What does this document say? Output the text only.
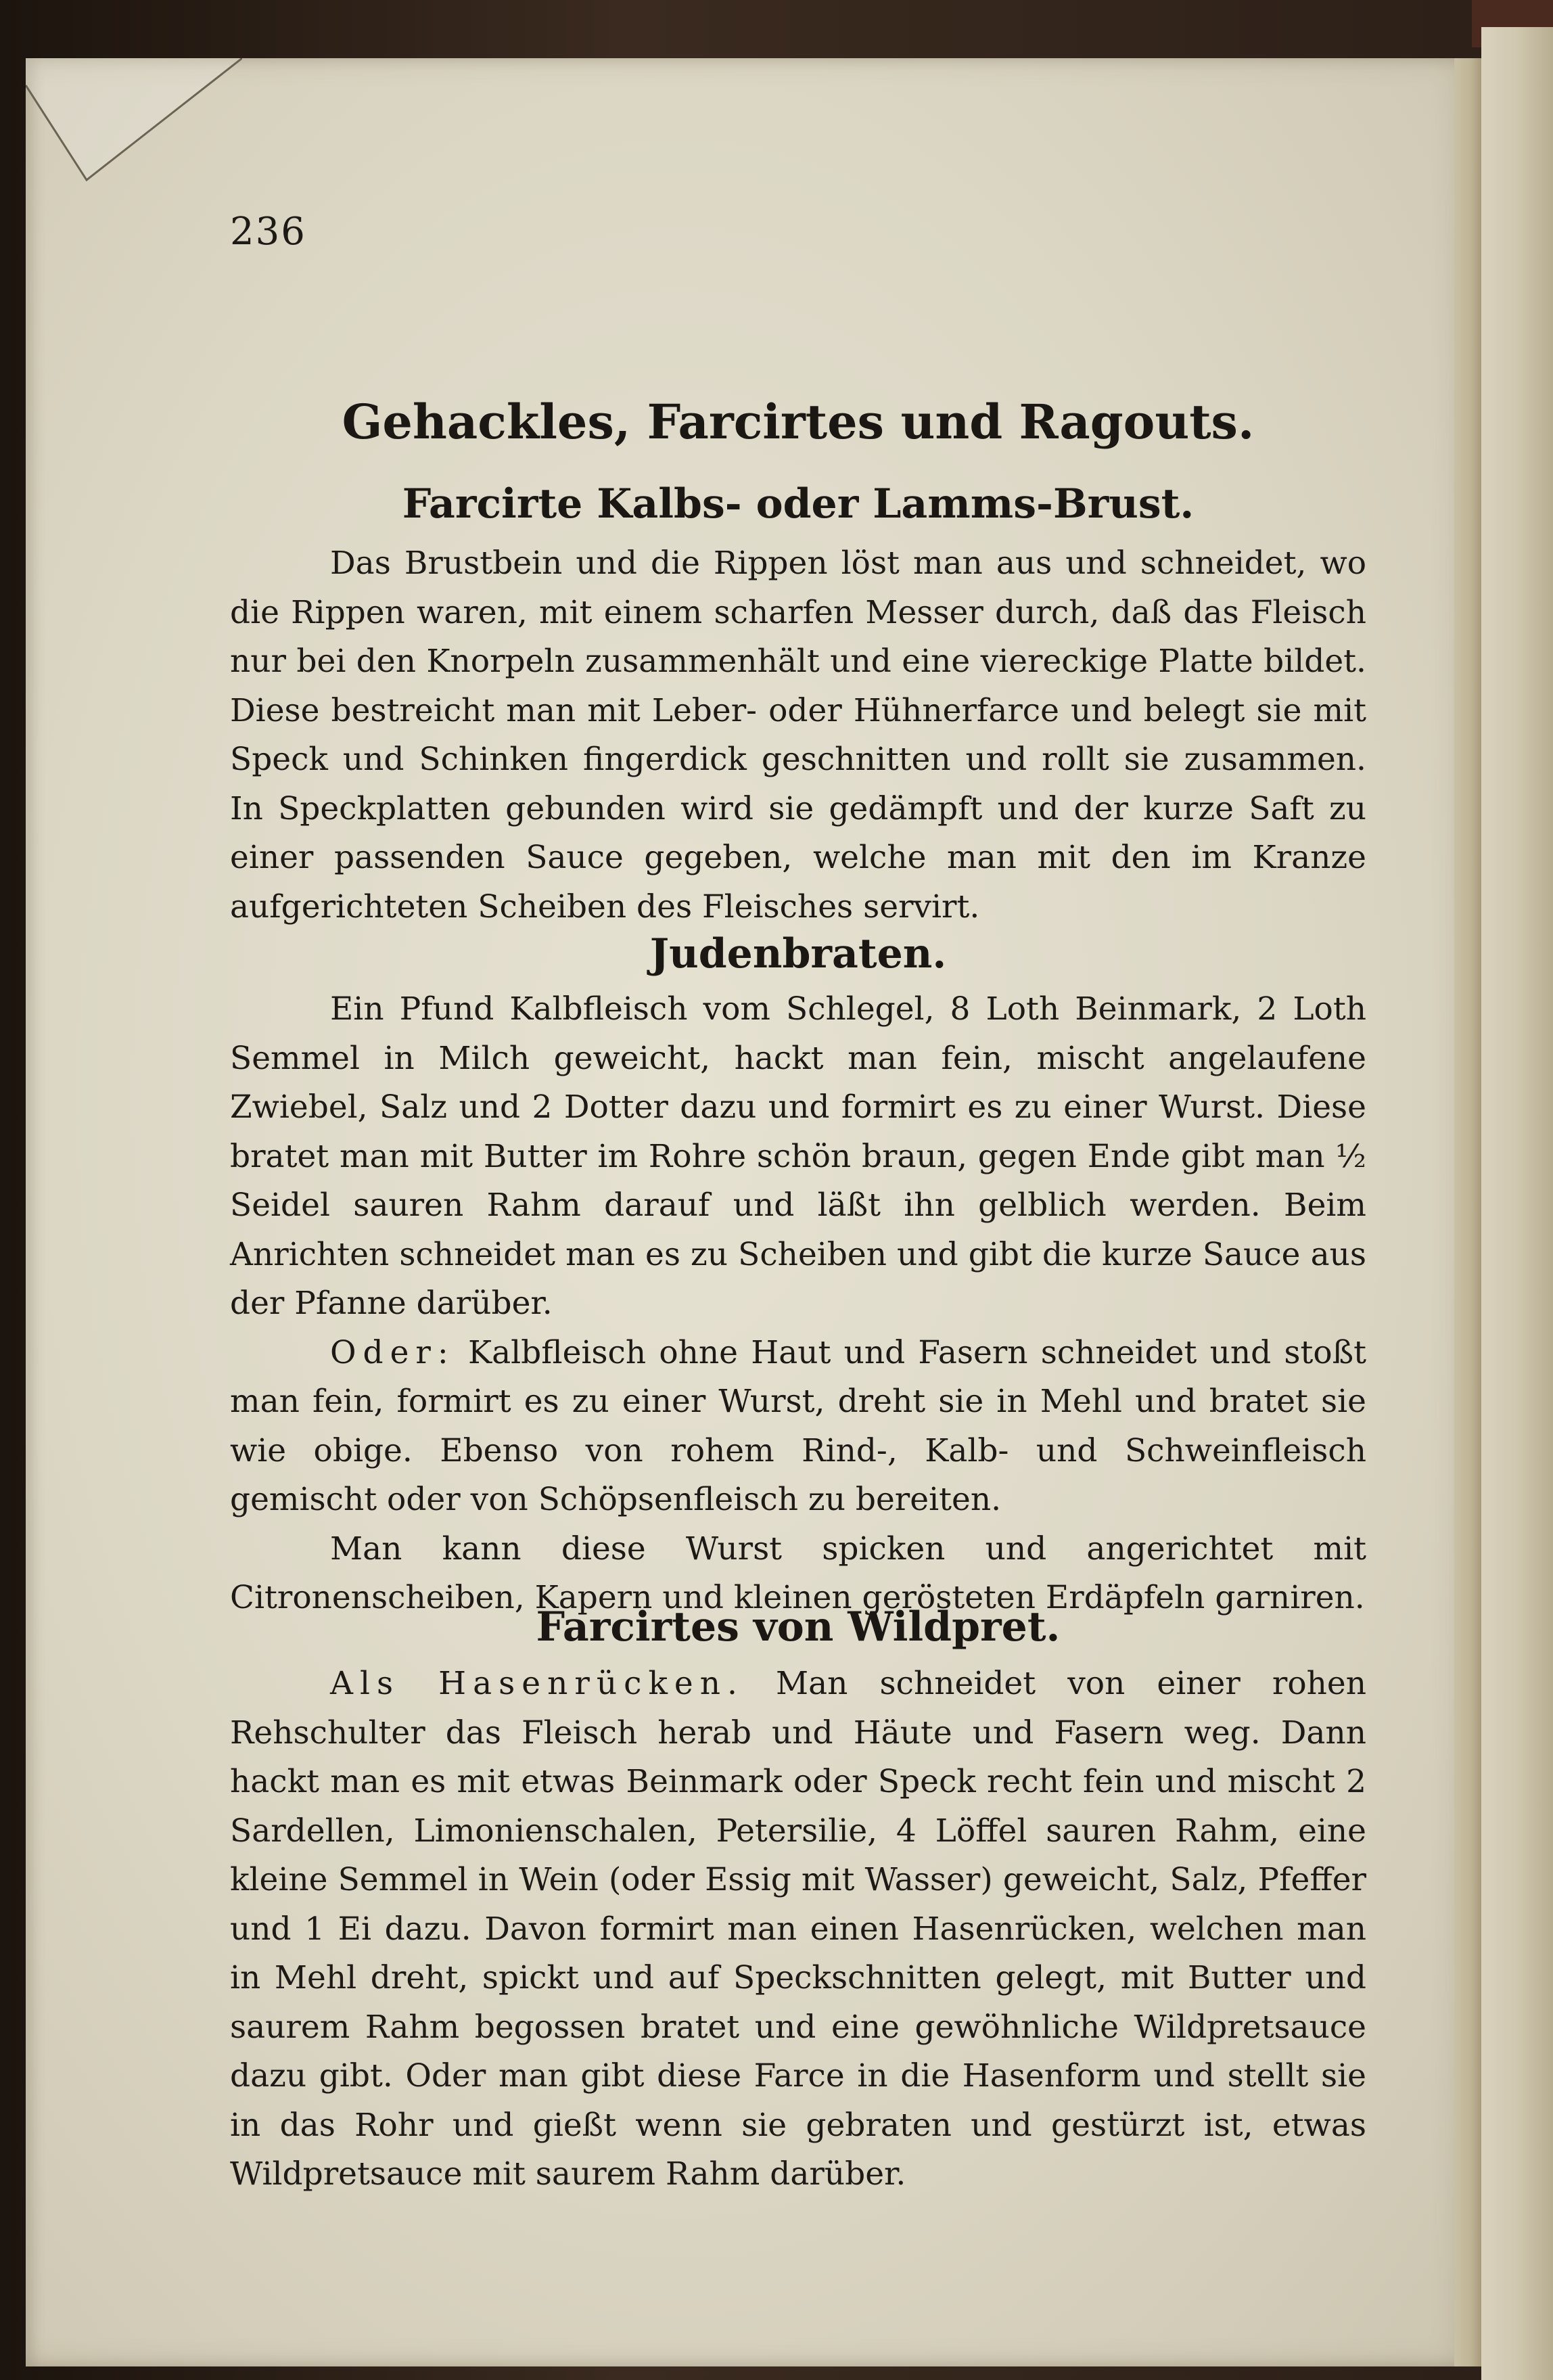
236
Gehackles, Farcirtes und Ragouts.
Farcirte Kalbs- oder Lamms-Brust.

Das Brustbein und die Rippen löst man aus und schneidet, wo die Rippen waren, mit einem scharfen Messer durch, daß das Fleisch nur bei den Knorpeln zusammenhält und eine viereckige Platte bildet. Diese bestreicht man mit Leber- oder Hühnerfarce und belegt sie mit Speck und Schinken fingerdick geschnitten und rollt sie zusammen. In Speckplatten gebunden wird sie gedämpft und der kurze Saft zu einer passenden Sauce gegeben, welche man mit den im Kranze aufgerichteten Scheiben des Fleisches servirt.

Judenbraten.

Ein Pfund Kalbfleisch vom Schlegel, 8 Loth Beinmark, 2 Loth Semmel in Milch geweicht, hackt man fein, mischt angelaufene Zwiebel, Salz und 2 Dotter dazu und formirt es zu einer Wurst. Diese bratet man mit Butter im Rohre schön braun, gegen Ende gibt man ½ Seidel sauren Rahm darauf und läßt ihn gelblich werden. Beim Anrichten schneidet man es zu Scheiben und gibt die kurze Sauce aus der Pfanne darüber.

Oder: Kalbfleisch ohne Haut und Fasern schneidet und stoßt man fein, formirt es zu einer Wurst, dreht sie in Mehl und bratet sie wie obige. Ebenso von rohem Rind-, Kalb- und Schweinfleisch gemischt oder von Schöpsenfleisch zu bereiten.

Man kann diese Wurst spicken und angerichtet mit Citronenscheiben, Kapern und kleinen gerösteten Erdäpfeln garniren.

Farcirtes von Wildpret.

Als Hasenrücken. Man schneidet von einer rohen Rehschulter das Fleisch herab und Häute und Fasern weg. Dann hackt man es mit etwas Beinmark oder Speck recht fein und mischt 2 Sardellen, Limonienschalen, Petersilie, 4 Löffel sauren Rahm, eine kleine Semmel in Wein (oder Essig mit Wasser) geweicht, Salz, Pfeffer und 1 Ei dazu. Davon formirt man einen Hasenrücken, welchen man in Mehl dreht, spickt und auf Speckschnitten gelegt, mit Butter und saurem Rahm begossen bratet und eine gewöhnliche Wildpretsauce dazu gibt. Oder man gibt diese Farce in die Hasenform und stellt sie in das Rohr und gießt wenn sie gebraten und gestürzt ist, etwas Wildpretsauce mit saurem Rahm darüber.
